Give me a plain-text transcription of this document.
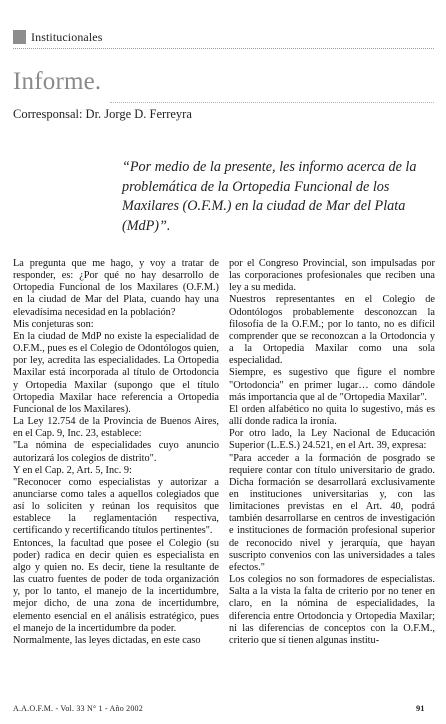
Institucionales
Informe.
Corresponsal: Dr. Jorge D. Ferreyra
“Por medio de la presente, les informo acerca de la problemática de la Ortopedia Funcional de los Maxilares (O.F.M.) en la ciudad de Mar del Plata (MdP)”.

La pregunta que me hago, y voy a tratar de responder, es: ¿Por qué no hay desarrollo de Ortopedia Funcional de los Maxilares (O.F.M.) en la ciudad de Mar del Plata, cuando hay una elevadísima necesidad en la población?

Mis conjeturas son:

En la ciudad de MdP no existe la especialidad de O.F.M., pues es el Colegio de Odontólogos quien, por ley, acredita las especialidades. La Ortopedia Maxilar está incorporada al título de Ortodoncia y Ortopedia Maxilar (supongo que el título Ortopedia Maxilar hace referencia a Ortopedia Funcional de los Maxilares).

La Ley 12.754 de la Provincia de Buenos Aires, en el Cap. 9, Inc. 23, establece:

"La nómina de especialidades cuyo anuncio autorizará los colegios de distrito".

Y en el Cap. 2, Art. 5, Inc. 9:

"Reconocer como especialistas y autorizar a anunciarse como tales a aquellos colegiados que así lo soliciten y reúnan los requisitos que establece la reglamentación respectiva, certificando y recertificando títulos pertinentes".

Entonces, la facultad que posee el Colegio (su poder) radica en decir quien es especialista en algo y quien no. Es decir, tiene la resultante de las cuatro fuentes de poder de toda organización y, por lo tanto, el manejo de la incertidumbre, mejor dicho, de una zona de incertidumbre, elemento esencial en el análisis estratégico, pues el manejo de la incertidumbre da poder.

Normalmente, las leyes dictadas, en este caso

por el Congreso Provincial, son impulsadas por las corporaciones profesionales que reciben una ley a su medida.

Nuestros representantes en el Colegio de Odontólogos probablemente desconozcan la filosofía de la O.F.M.; por lo tanto, no es difícil comprender que se reconozcan a la Ortodoncia y a la Ortopedia Maxilar como una sola especialidad.

Siempre, es sugestivo que figure el nombre "Ortodoncia" en primer lugar… como dándole más importancia que al de "Ortopedia Maxilar".

El orden alfabético no quita lo sugestivo, más es allí donde radica la ironía.

Por otro lado, la Ley Nacional de Educación Superior (L.E.S.) 24.521, en el Art. 39, expresa:

"Para acceder a la formación de posgrado se requiere contar con título universitario de grado. Dicha formación se desarrollará exclusivamente en instituciones universitarias y, con las limitaciones previstas en el Art. 40, podrá también desarrollarse en centros de investigación e instituciones de formación profesional superior de reconocido nivel y jerarquía, que hayan suscripto convenios con las universidades a tales efectos."

Los colegios no son formadores de especialistas. Salta a la vista la falta de criterio por no tener en claro, en la nómina de especialidades, la diferencia entre Ortodoncia y Ortopedia Maxilar; ni las diferencias de conceptos con la O.F.M., criterio que sí tienen algunas institu-

A.A.O.F.M. - Vol. 33 N° 1 - Año 2002	91
